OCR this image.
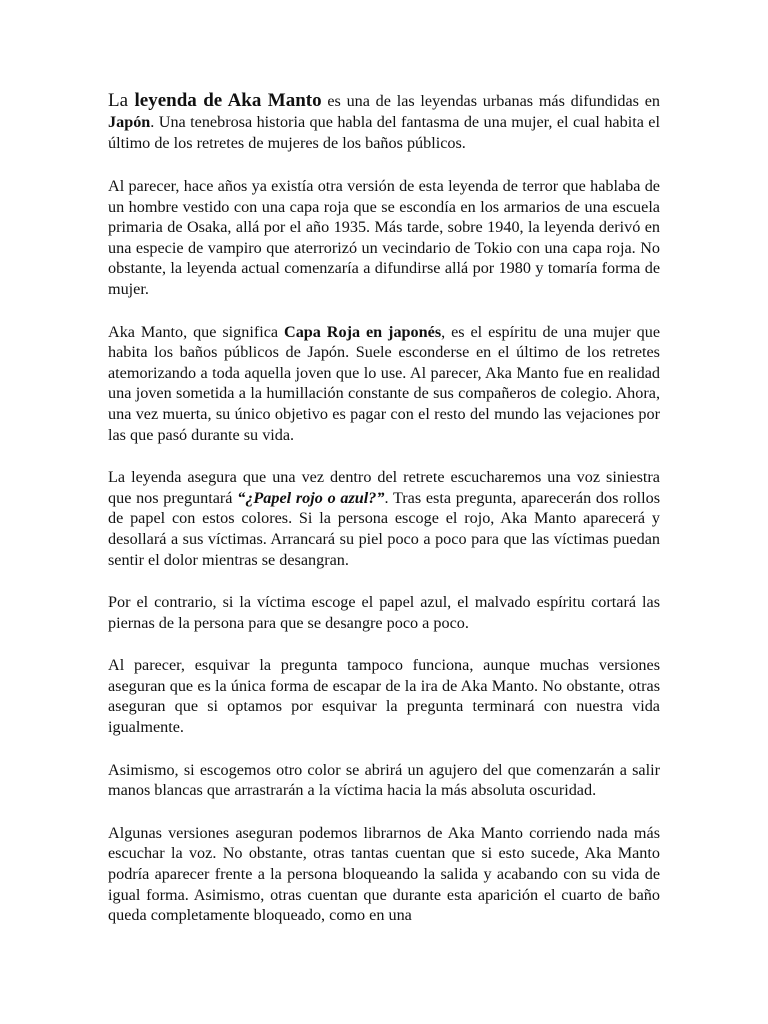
La leyenda de Aka Manto es una de las leyendas urbanas más difundidas en Japón. Una tenebrosa historia que habla del fantasma de una mujer, el cual habita el último de los retretes de mujeres de los baños públicos.

Al parecer, hace años ya existía otra versión de esta leyenda de terror que hablaba de un hombre vestido con una capa roja que se escondía en los armarios de una escuela primaria de Osaka, allá por el año 1935. Más tarde, sobre 1940, la leyenda derivó en una especie de vampiro que aterrorizó un vecindario de Tokio con una capa roja. No obstante, la leyenda actual comenzaría a difundirse allá por 1980 y tomaría forma de mujer.

Aka Manto, que significa Capa Roja en japonés, es el espíritu de una mujer que habita los baños públicos de Japón. Suele esconderse en el último de los retretes atemorizando a toda aquella joven que lo use. Al parecer, Aka Manto fue en realidad una joven sometida a la humillación constante de sus compañeros de colegio. Ahora, una vez muerta, su único objetivo es pagar con el resto del mundo las vejaciones por las que pasó durante su vida.

La leyenda asegura que una vez dentro del retrete escucharemos una voz siniestra que nos preguntará “¿Papel rojo o azul?”. Tras esta pregunta, aparecerán dos rollos de papel con estos colores. Si la persona escoge el rojo, Aka Manto aparecerá y desollará a sus víctimas. Arrancará su piel poco a poco para que las víctimas puedan sentir el dolor mientras se desangran.

Por el contrario, si la víctima escoge el papel azul, el malvado espíritu cortará las piernas de la persona para que se desangre poco a poco.

Al parecer, esquivar la pregunta tampoco funciona, aunque muchas versiones aseguran que es la única forma de escapar de la ira de Aka Manto. No obstante, otras aseguran que si optamos por esquivar la pregunta terminará con nuestra vida igualmente.

Asimismo, si escogemos otro color se abrirá un agujero del que comenzarán a salir manos blancas que arrastrarán a la víctima hacia la más absoluta oscuridad.

Algunas versiones aseguran podemos librarnos de Aka Manto corriendo nada más escuchar la voz. No obstante, otras tantas cuentan que si esto sucede, Aka Manto podría aparecer frente a la persona bloqueando la salida y acabando con su vida de igual forma. Asimismo, otras cuentan que durante esta aparición el cuarto de baño queda completamente bloqueado, como en una
